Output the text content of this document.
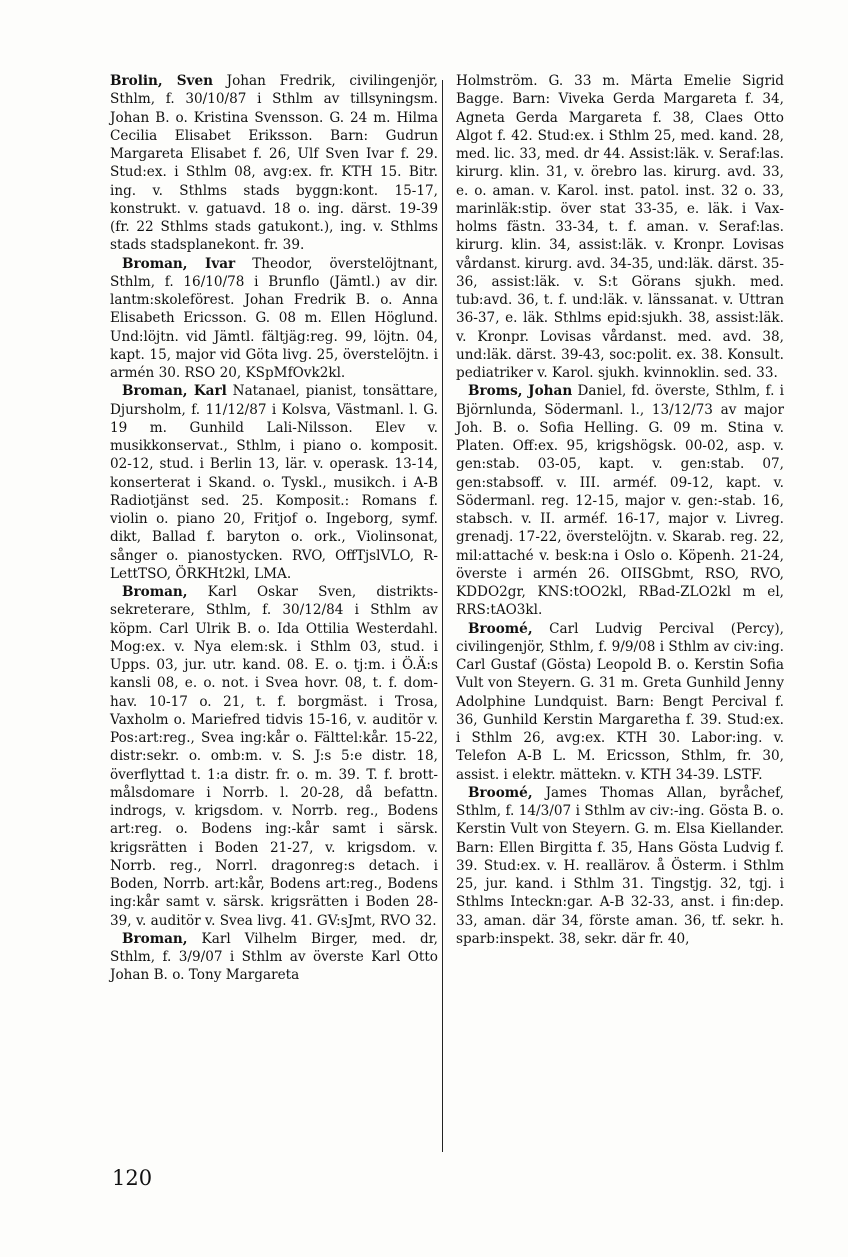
Brolin, Sven Johan Fredrik, civilingenjör, Sthlm, f. 30/10/87 i Sthlm av tillsyningsm. Johan B. o. Kristina Svensson. G. 24 m. Hilma Cecilia Elisabet Eriksson. Barn: Gudrun Margareta Elisabet f. 26, Ulf Sven Ivar f. 29. Stud:ex. i Sthlm 08, avg:ex. fr. KTH 15. Bitr. ing. v. Sthlms stads byggn:kont. 15-17, konstrukt. v. gatuavd. 18 o. ing. därst. 19-39 (fr. 22 Sthlms stads gatukont.), ing. v. Sthlms stads stadsplanekont. fr. 39.

Broman, Ivar Theodor, överstelöjtnant, Sthlm, f. 16/10/78 i Brunflo (Jämtl.) av dir. lantm:skoleförest. Johan Fredrik B. o. Anna Elisabeth Ericsson. G. 08 m. Ellen Höglund. Und:löjtn. vid Jämtl. fältjäg:reg. 99, löjtn. 04, kapt. 15, major vid Göta livg. 25, överstelöjtn. i armén 30. RSO 20, KSpMfOvk2kl.

Broman, Karl Natanael, pianist, tonsättare, Djursholm, f. 11/12/87 i Kolsva, Västmanl. l. G. 19 m. Gunhild Lali-Nilsson. Elev v. musikkonservat., Sthlm, i piano o. komposit. 02-12, stud. i Berlin 13, lär. v. operask. 13-14, konserterat i Skand. o. Tyskl., musikch. i A-B Radiotjänst sed. 25. Komposit.: Romans f. violin o. piano 20, Fritjof o. Ingeborg, symf. dikt, Ballad f. baryton o. ork., Violinsonat, sånger o. pianostycken. RVO, OffTjslVLO, R-LettTSO, ÖRKHt2kl, LMA.

Broman, Karl Oskar Sven, distriktssekreterare, Sthlm, f. 30/12/84 i Sthlm av köpm. Carl Ulrik B. o. Ida Ottilia Westerdahl. Mog:ex. v. Nya elem:sk. i Sthlm 03, stud. i Upps. 03, jur. utr. kand. 08. E. o. tj:m. i Ö.Ä:s kansli 08, e. o. not. i Svea hovr. 08, t. f. domhav. 10-17 o. 21, t. f. borgmäst. i Trosa, Vaxholm o. Mariefred tidvis 15-16, v. auditör v. Pos:art:reg., Svea ing:kår o. Fälttel:kår. 15-22, distr:sekr. o. omb:m. v. S. J:s 5:e distr. 18, överflyttad t. 1:a distr. fr. o. m. 39. T. f. brottmålsdomare i Norrb. l. 20-28, då befattn. indrogs, v. krigsdom. v. Norrb. reg., Bodens art:reg. o. Bodens ing:-kår samt i särsk. krigsrätten i Boden 21-27, v. krigsdom. v. Norrb. reg., Norrl. dragonreg:s detach. i Boden, Norrb. art:kår, Bodens art:reg., Bodens ing:kår samt v. särsk. krigsrätten i Boden 28-39, v. auditör v. Svea livg. 41. GV:sJmt, RVO 32.

Broman, Karl Vilhelm Birger, med. dr, Sthlm, f. 3/9/07 i Sthlm av överste Karl Otto Johan B. o. Tony Margareta

Holmström. G. 33 m. Märta Emelie Sigrid Bagge. Barn: Viveka Gerda Margareta f. 34, Agneta Gerda Margareta f. 38, Claes Otto Algot f. 42. Stud:ex. i Sthlm 25, med. kand. 28, med. lic. 33, med. dr 44. Assist:läk. v. Seraf:las. kirurg. klin. 31, v. örebro las. kirurg. avd. 33, e. o. aman. v. Karol. inst. patol. inst. 32 o. 33, marinläk:stip. över stat 33-35, e. läk. i Vaxholms fästn. 33-34, t. f. aman. v. Seraf:las. kirurg. klin. 34, assist:läk. v. Kronpr. Lovisas vårdanst. kirurg. avd. 34-35, und:läk. därst. 35-36, assist:läk. v. S:t Görans sjukh. med. tub:avd. 36, t. f. und:läk. v. länssanat. v. Uttran 36-37, e. läk. Sthlms epid:sjukh. 38, assist:läk. v. Kronpr. Lovisas vårdanst. med. avd. 38, und:läk. därst. 39-43, soc:polit. ex. 38. Konsult. pediatriker v. Karol. sjukh. kvinnoklin. sed. 33.

Broms, Johan Daniel, fd. överste, Sthlm, f. i Björnlunda, Södermanl. l., 13/12/73 av major Joh. B. o. Sofia Helling. G. 09 m. Stina v. Platen. Off:ex. 95, krigshögsk. 00-02, asp. v. gen:stab. 03-05, kapt. v. gen:stab. 07, gen:stabsoff. v. III. arméf. 09-12, kapt. v. Södermanl. reg. 12-15, major v. gen:-stab. 16, stabsch. v. II. arméf. 16-17, major v. Livreg. grenadj. 17-22, överstelöjtn. v. Skarab. reg. 22, mil:attaché v. besk:na i Oslo o. Köpenh. 21-24, överste i armén 26. OIISGbmt, RSO, RVO, KDDO2gr, KNS:tOO2kl, RBad-ZLO2kl m el, RRS:tAO3kl.

Broomé, Carl Ludvig Percival (Percy), civilingenjör, Sthlm, f. 9/9/08 i Sthlm av civ:ing. Carl Gustaf (Gösta) Leopold B. o. Kerstin Sofia Vult von Steyern. G. 31 m. Greta Gunhild Jenny Adolphine Lundquist. Barn: Bengt Percival f. 36, Gunhild Kerstin Margaretha f. 39. Stud:ex. i Sthlm 26, avg:ex. KTH 30. Labor:ing. v. Telefon A-B L. M. Ericsson, Sthlm, fr. 30, assist. i elektr. mättekn. v. KTH 34-39. LSTF.

Broomé, James Thomas Allan, byråchef, Sthlm, f. 14/3/07 i Sthlm av civ:-ing. Gösta B. o. Kerstin Vult von Steyern. G. m. Elsa Kiellander. Barn: Ellen Birgitta f. 35, Hans Gösta Ludvig f. 39. Stud:ex. v. H. reallärov. å Österm. i Sthlm 25, jur. kand. i Sthlm 31. Tingstjg. 32, tgj. i Sthlms Inteckn:gar. A-B 32-33, anst. i fin:dep. 33, aman. där 34, förste aman. 36, tf. sekr. h. sparb:inspekt. 38, sekr. där fr. 40,

120
